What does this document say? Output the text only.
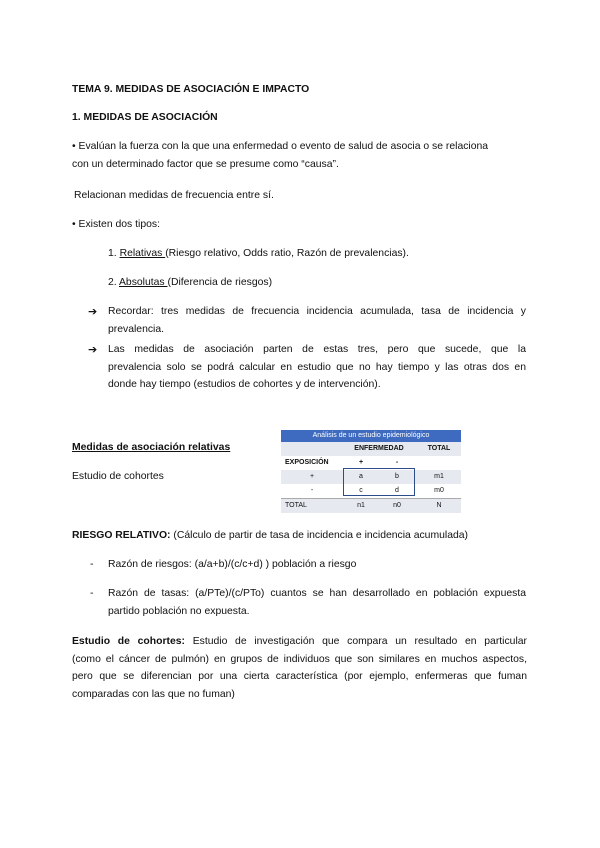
TEMA 9. MEDIDAS DE ASOCIACIÓN E IMPACTO
1. MEDIDAS DE ASOCIACIÓN
• Evalúan la fuerza con la que una enfermedad o evento de salud de asocia o se relaciona
con un determinado factor que se presume como “causa”.
Relacionan medidas de frecuencia entre sí.
• Existen dos tipos:
1. Relativas (Riesgo relativo, Odds ratio, Razón de prevalencias).
2. Absolutas (Diferencia de riesgos)
➔ Recordar: tres medidas de frecuencia incidencia acumulada, tasa de incidencia y
prevalencia.
➔ Las medidas de asociación parten de estas tres, pero que sucede, que la
prevalencia solo se podrá calcular en estudio que no hay tiempo y las otras dos en
donde hay tiempo (estudios de cohortes y de intervención).
Medidas de asociación relativas
Estudio de cohortes
Análisis de un estudio epidemiológico
ENFERMEDAD	TOTAL
EXPOSICIÓN	+	-
+	a	b	m1
-	c	d	m0
TOTAL	n1	n0	N
RIESGO RELATIVO: (Cálculo de partir de tasa de incidencia e incidencia acumulada)
- Razón de riesgos: (a/a+b)/(c/c+d) ) población a riesgo
- Razón de tasas: (a/PTe)/(c/PTo) cuantos se han desarrollado en población expuesta
partido población no expuesta.
Estudio de cohortes: Estudio de investigación que compara un resultado en particular
(como el cáncer de pulmón) en grupos de individuos que son similares en muchos aspectos,
pero que se diferencian por una cierta característica (por ejemplo, enfermeras que fuman
comparadas con las que no fuman)
